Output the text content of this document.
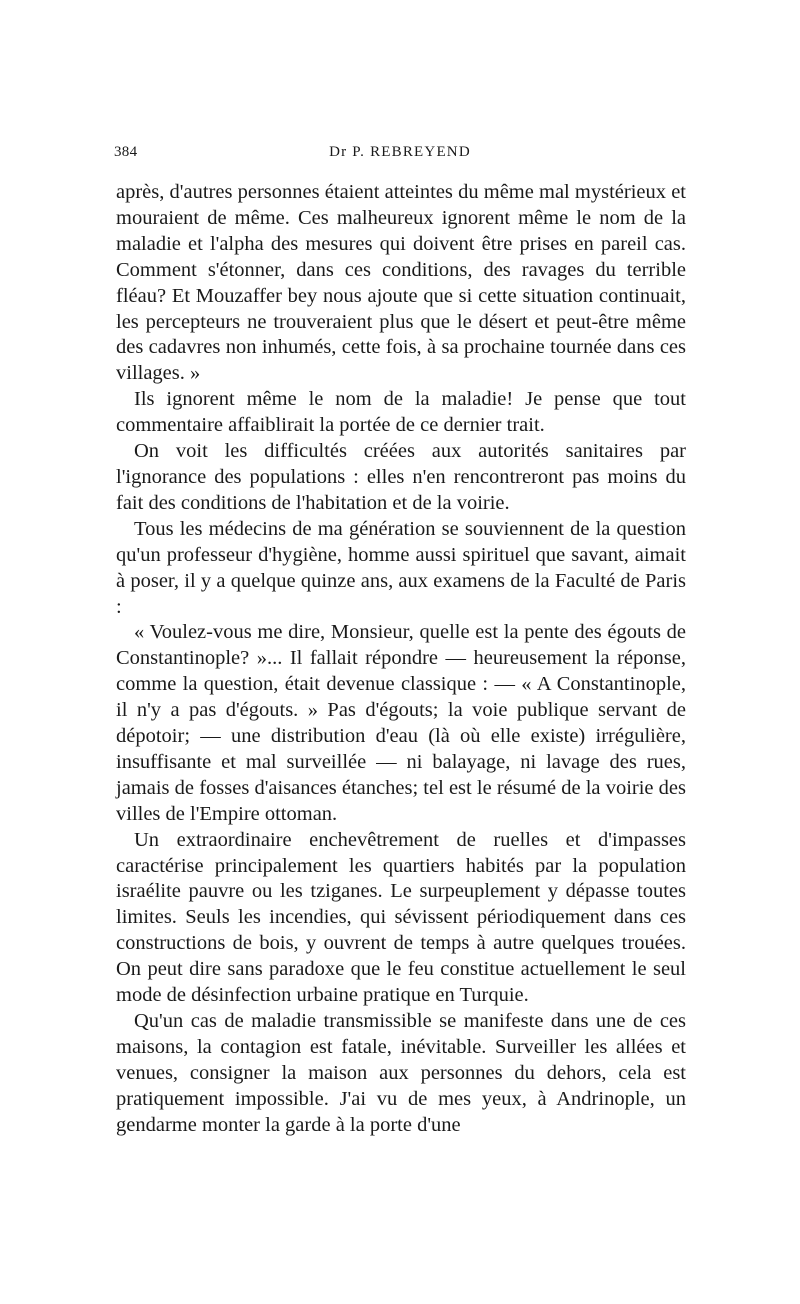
384	Dr P. REBREYEND

après, d'autres personnes étaient atteintes du même mal mystérieux et mouraient de même. Ces malheureux ignorent même le nom de la maladie et l'alpha des mesures qui doivent être prises en pareil cas. Comment s'étonner, dans ces conditions, des ravages du terrible fléau? Et Mouzaffer bey nous ajoute que si cette situation continuait, les percepteurs ne trouveraient plus que le désert et peut-être même des cadavres non inhumés, cette fois, à sa prochaine tournée dans ces villages. »

Ils ignorent même le nom de la maladie! Je pense que tout commentaire affaiblirait la portée de ce dernier trait.

On voit les difficultés créées aux autorités sanitaires par l'ignorance des populations : elles n'en rencontreront pas moins du fait des conditions de l'habitation et de la voirie.

Tous les médecins de ma génération se souviennent de la question qu'un professeur d'hygiène, homme aussi spirituel que savant, aimait à poser, il y a quelque quinze ans, aux examens de la Faculté de Paris :

« Voulez-vous me dire, Monsieur, quelle est la pente des égouts de Constantinople? »... Il fallait répondre — heureusement la réponse, comme la question, était devenue classique : — « A Constantinople, il n'y a pas d'égouts. » Pas d'égouts; la voie publique servant de dépotoir; — une distribution d'eau (là où elle existe) irrégulière, insuffisante et mal surveillée — ni balayage, ni lavage des rues, jamais de fosses d'aisances étanches; tel est le résumé de la voirie des villes de l'Empire ottoman.

Un extraordinaire enchevêtrement de ruelles et d'impasses caractérise principalement les quartiers habités par la population israélite pauvre ou les tziganes. Le surpeuplement y dépasse toutes limites. Seuls les incendies, qui sévissent périodiquement dans ces constructions de bois, y ouvrent de temps à autre quelques trouées. On peut dire sans paradoxe que le feu constitue actuellement le seul mode de désinfection urbaine pratique en Turquie.

Qu'un cas de maladie transmissible se manifeste dans une de ces maisons, la contagion est fatale, inévitable. Surveiller les allées et venues, consigner la maison aux personnes du dehors, cela est pratiquement impossible. J'ai vu de mes yeux, à Andrinople, un gendarme monter la garde à la porte d'une
